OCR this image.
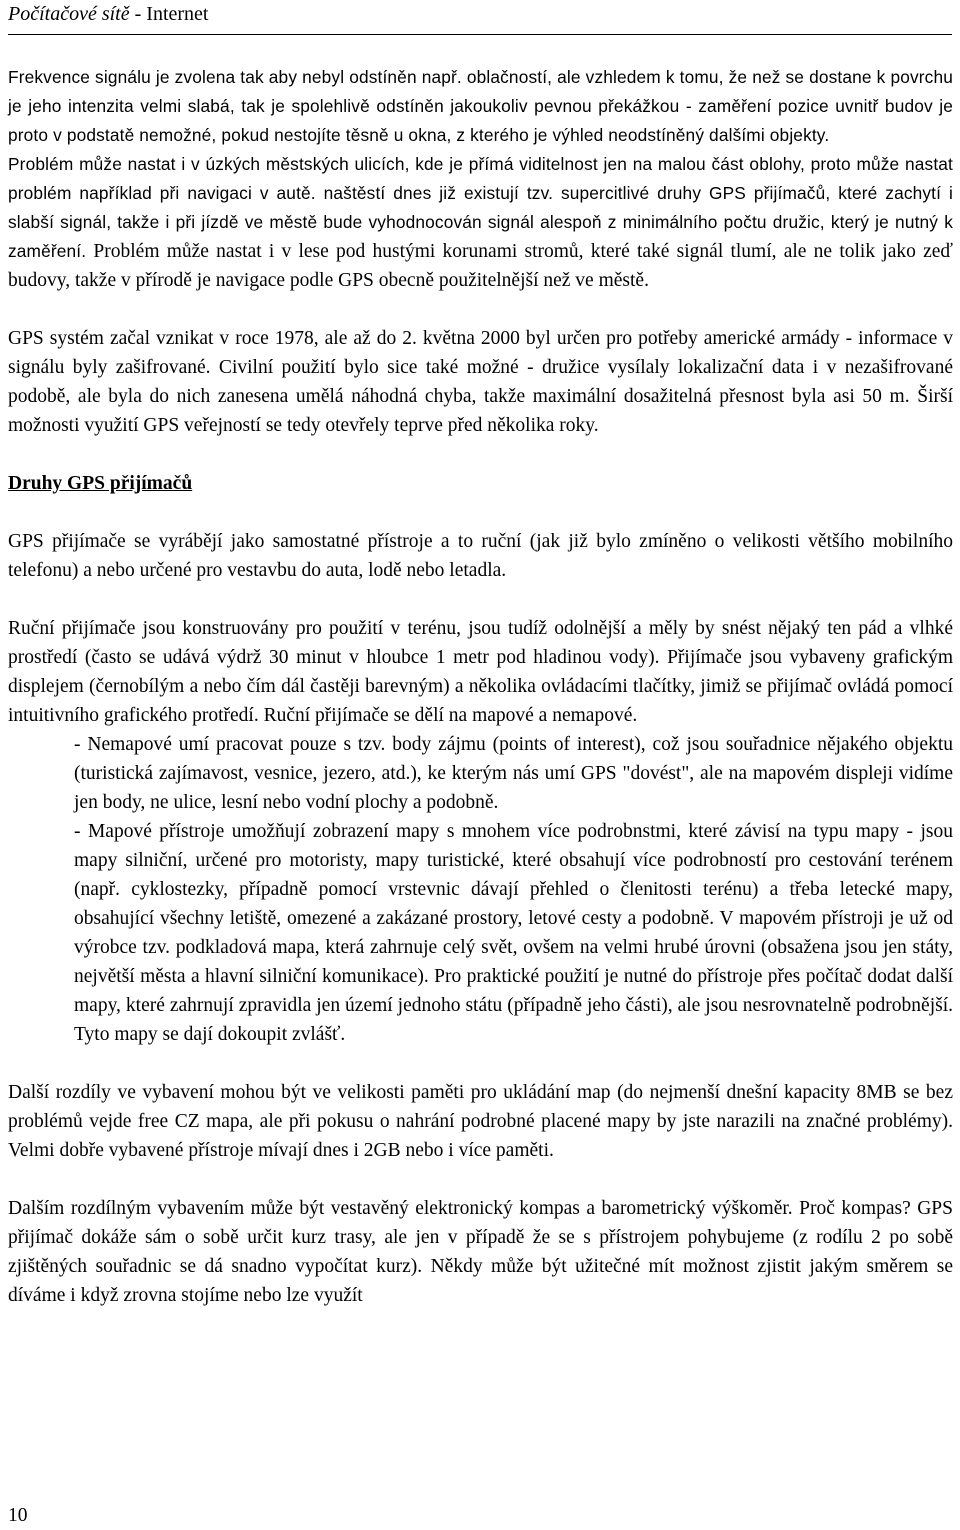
Počítačové sítě - Internet

Frekvence signálu je zvolena tak aby nebyl odstíněn např. oblačností, ale vzhledem k tomu, že než se dostane k povrchu je jeho intenzita velmi slabá, tak je spolehlivě odstíněn jakoukoliv pevnou překážkou - zaměření pozice uvnitř budov je proto v podstatě nemožné, pokud nestojíte těsně u okna, z kterého je výhled neodstíněný dalšími objekty.

Problém může nastat i v úzkých městských ulicích, kde je přímá viditelnost jen na malou část oblohy, proto může nastat problém například při navigaci v autě. naštěstí dnes již existují tzv. supercitlivé druhy GPS přijímačů, které zachytí i slabší signál, takže i při jízdě ve městě bude vyhodnocován signál alespoň z minimálního počtu družic, který je nutný k zaměření. Problém může nastat i v lese pod hustými korunami stromů, které také signál tlumí, ale ne tolik jako zeď budovy, takže v přírodě je navigace podle GPS obecně použitelnější než ve městě.

GPS systém začal vznikat v roce 1978, ale až do 2. května 2000 byl určen pro potřeby americké armády - informace v signálu byly zašifrované. Civilní použití bylo sice také možné - družice vysílaly lokalizační data i v nezašifrované podobě, ale byla do nich zanesena umělá náhodná chyba, takže maximální dosažitelná přesnost byla asi 50 m. Širší možnosti využití GPS veřejností se tedy otevřely teprve před několika roky.

Druhy GPS přijímačů

GPS přijímače se vyrábějí jako samostatné přístroje a to ruční (jak již bylo zmíněno o velikosti většího mobilního telefonu) a nebo určené pro vestavbu do auta, lodě nebo letadla.

Ruční přijímače jsou konstruovány pro použití v terénu, jsou tudíž odolnější a měly by snést nějaký ten pád a vlhké prostředí (často se udává výdrž 30 minut v hloubce 1 metr pod hladinou vody). Přijímače jsou vybaveny grafickým displejem (černobílým a nebo čím dál častěji barevným) a několika ovládacími tlačítky, jimiž se přijímač ovládá pomocí intuitivního grafického protředí. Ruční přijímače se dělí na mapové a nemapové.

- Nemapové umí pracovat pouze s tzv. body zájmu (points of interest), což jsou souřadnice nějakého objektu (turistická zajímavost, vesnice, jezero, atd.), ke kterým nás umí GPS "dovést", ale na mapovém displeji vidíme jen body, ne ulice, lesní nebo vodní plochy a podobně.

- Mapové přístroje umožňují zobrazení mapy s mnohem více podrobnstmi, které závisí na typu mapy - jsou mapy silniční, určené pro motoristy, mapy turistické, které obsahují více podrobností pro cestování terénem (např. cyklostezky, případně pomocí vrstevnic dávají přehled o členitosti terénu) a třeba letecké mapy, obsahující všechny letiště, omezené a zakázané prostory, letové cesty a podobně. V mapovém přístroji je už od výrobce tzv. podkladová mapa, která zahrnuje celý svět, ovšem na velmi hrubé úrovni (obsažena jsou jen státy, největší města a hlavní silniční komunikace). Pro praktické použití je nutné do přístroje přes počítač dodat další mapy, které zahrnují zpravidla jen území jednoho státu (případně jeho části), ale jsou nesrovnatelně podrobnější. Tyto mapy se dají dokoupit zvlášť.

Další rozdíly ve vybavení mohou být ve velikosti paměti pro ukládání map (do nejmenší dnešní kapacity 8MB se bez problémů vejde free CZ mapa, ale při pokusu o nahrání podrobné placené mapy by jste narazili na značné problémy). Velmi dobře vybavené přístroje mívají dnes i 2GB nebo i více paměti.

Dalším rozdílným vybavením může být vestavěný elektronický kompas a barometrický výškoměr. Proč kompas? GPS přijímač dokáže sám o sobě určit kurz trasy, ale jen v případě že se s přístrojem pohybujeme (z rodílu 2 po sobě zjištěných souřadnic se dá snadno vypočítat kurz). Někdy může být užitečné mít možnost zjistit jakým směrem se díváme i když zrovna stojíme nebo lze využít

10
